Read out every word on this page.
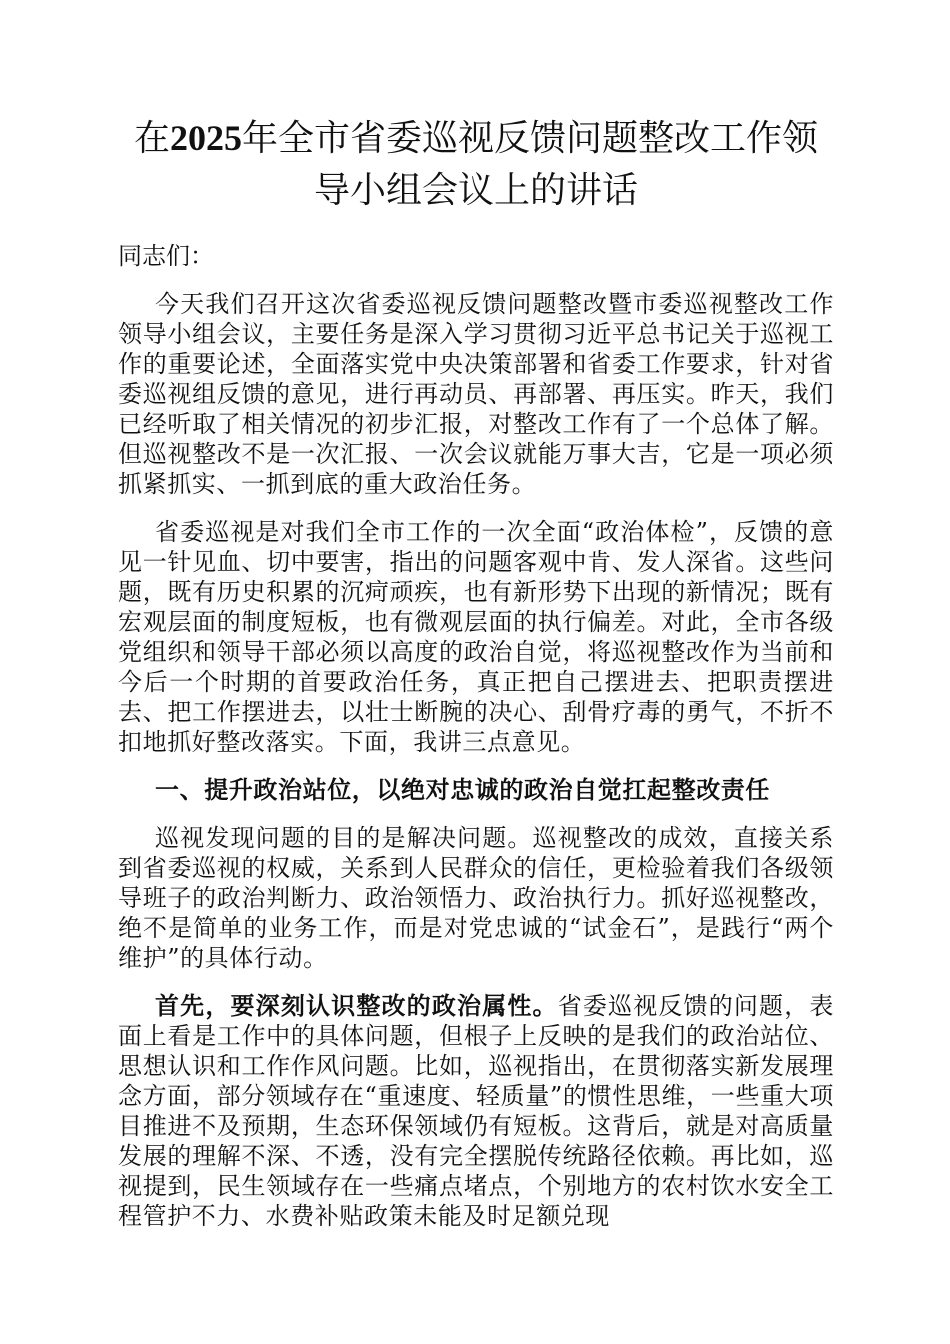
在2025年全市省委巡视反馈问题整改工作领导小组会议上的讲话

同志们：

今天我们召开这次省委巡视反馈问题整改暨市委巡视整改工作领导小组会议，主要任务是深入学习贯彻习近平总书记关于巡视工作的重要论述，全面落实党中央决策部署和省委工作要求，针对省委巡视组反馈的意见，进行再动员、再部署、再压实。昨天，我们已经听取了相关情况的初步汇报，对整改工作有了一个总体了解。但巡视整改不是一次汇报、一次会议就能万事大吉，它是一项必须抓紧抓实、一抓到底的重大政治任务。

省委巡视是对我们全市工作的一次全面“政治体检”，反馈的意见一针见血、切中要害，指出的问题客观中肯、发人深省。这些问题，既有历史积累的沉疴顽疾，也有新形势下出现的新情况；既有宏观层面的制度短板，也有微观层面的执行偏差。对此，全市各级党组织和领导干部必须以高度的政治自觉，将巡视整改作为当前和今后一个时期的首要政治任务，真正把自己摆进去、把职责摆进去、把工作摆进去，以壮士断腕的决心、刮骨疗毒的勇气，不折不扣地抓好整改落实。下面，我讲三点意见。

一、提升政治站位，以绝对忠诚的政治自觉扛起整改责任

巡视发现问题的目的是解决问题。巡视整改的成效，直接关系到省委巡视的权威，关系到人民群众的信任，更检验着我们各级领导班子的政治判断力、政治领悟力、政治执行力。抓好巡视整改，绝不是简单的业务工作，而是对党忠诚的“试金石”，是践行“两个维护”的具体行动。

首先，要深刻认识整改的政治属性。省委巡视反馈的问题，表面上看是工作中的具体问题，但根子上反映的是我们的政治站位、思想认识和工作作风问题。比如，巡视指出，在贯彻落实新发展理念方面，部分领域存在“重速度、轻质量”的惯性思维，一些重大项目推进不及预期，生态环保领域仍有短板。这背后，就是对高质量发展的理解不深、不透，没有完全摆脱传统路径依赖。再比如，巡视提到，民生领域存在一些痛点堵点，个别地方的农村饮水安全工程管护不力、水费补贴政策未能及时足额兑现
